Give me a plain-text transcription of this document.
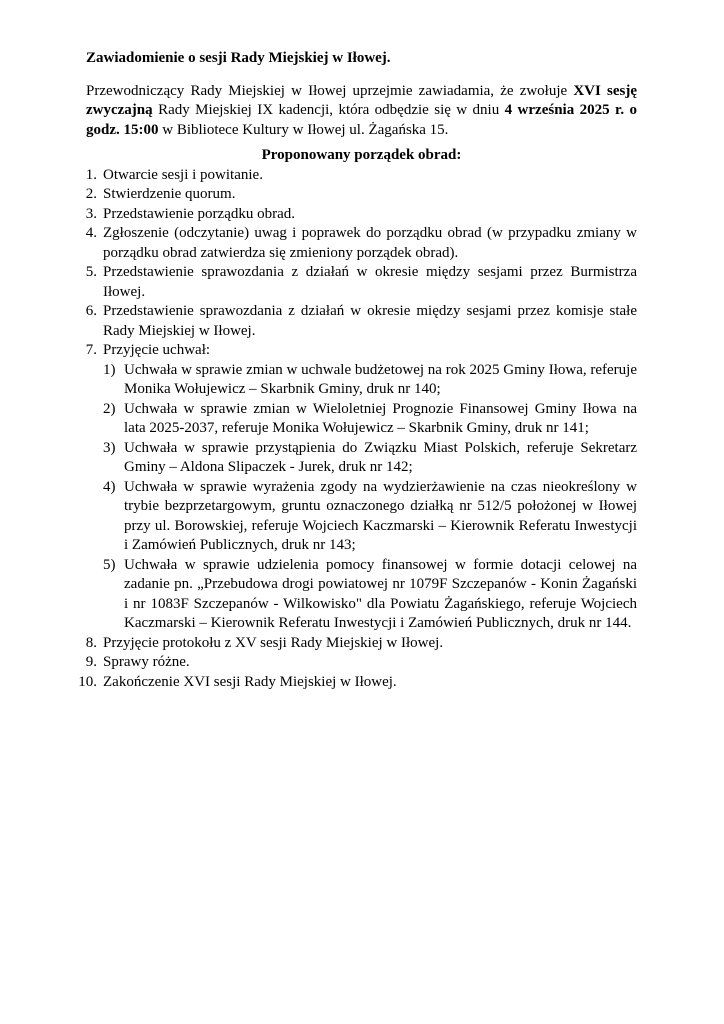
Zawiadomienie o sesji Rady Miejskiej w Iłowej.

Przewodniczący Rady Miejskiej w Iłowej uprzejmie zawiadamia, że zwołuje XVI sesję zwyczajną Rady Miejskiej IX kadencji, która odbędzie się w dniu 4 września 2025 r. o godz. 15:00 w Bibliotece Kultury w Iłowej ul. Żagańska 15.

Proponowany porządek obrad:

1. Otwarcie sesji i powitanie.
2. Stwierdzenie quorum.
3. Przedstawienie porządku obrad.
4. Zgłoszenie (odczytanie) uwag i poprawek do porządku obrad (w przypadku zmiany w porządku obrad zatwierdza się zmieniony porządek obrad).
5. Przedstawienie sprawozdania z działań w okresie między sesjami przez Burmistrza Iłowej.
6. Przedstawienie sprawozdania z działań w okresie między sesjami przez komisje stałe Rady Miejskiej w Iłowej.
7. Przyjęcie uchwał:
1) Uchwała w sprawie zmian w uchwale budżetowej na rok 2025 Gminy Iłowa, referuje Monika Wołujewicz – Skarbnik Gminy, druk nr 140;
2) Uchwała w sprawie zmian w Wieloletniej Prognozie Finansowej Gminy Iłowa na lata 2025-2037, referuje Monika Wołujewicz – Skarbnik Gminy, druk nr 141;
3) Uchwała w sprawie przystąpienia do Związku Miast Polskich, referuje Sekretarz Gminy – Aldona Slipaczek - Jurek, druk nr 142;
4) Uchwała w sprawie wyrażenia zgody na wydzierżawienie na czas nieokreślony w trybie bezprzetargowym, gruntu oznaczonego działką nr 512/5 położonej w Iłowej przy ul. Borowskiej, referuje Wojciech Kaczmarski – Kierownik Referatu Inwestycji i Zamówień Publicznych, druk nr 143;
5) Uchwała w sprawie udzielenia pomocy finansowej w formie dotacji celowej na zadanie pn. „Przebudowa drogi powiatowej nr 1079F Szczepanów - Konin Żagański i nr 1083F Szczepanów - Wilkowisko" dla Powiatu Żagańskiego, referuje Wojciech Kaczmarski – Kierownik Referatu Inwestycji i Zamówień Publicznych, druk nr 144.
8. Przyjęcie protokołu z XV sesji Rady Miejskiej w Iłowej.
9. Sprawy różne.
10. Zakończenie XVI sesji Rady Miejskiej w Iłowej.
